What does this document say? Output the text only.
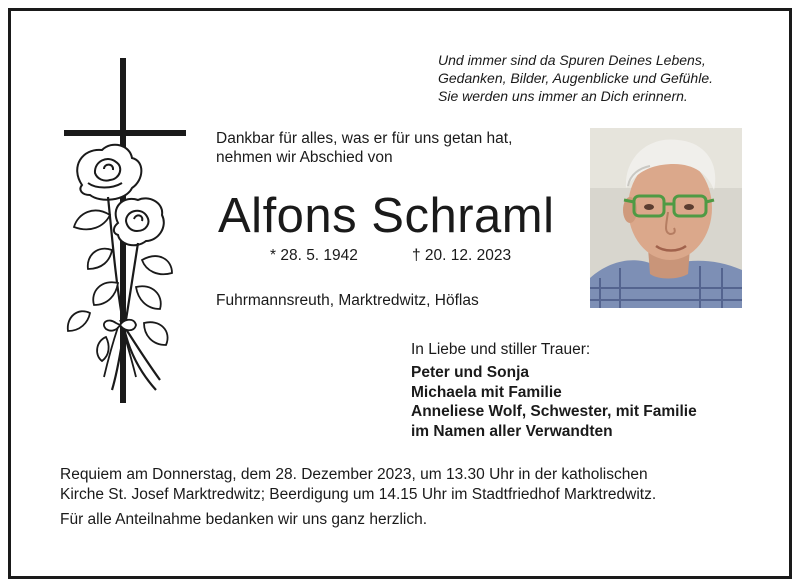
Und immer sind da Spuren Deines Lebens,
Gedanken, Bilder, Augenblicke und Gefühle.
Sie werden uns immer an Dich erinnern.
Dankbar für alles, was er für uns getan hat,
nehmen wir Abschied von
Alfons Schraml
* 28. 5. 1942	† 20. 12. 2023
Fuhrmannsreuth, Marktredwitz, Höflas
In Liebe und stiller Trauer:
Peter und Sonja
Michaela mit Familie
Anneliese Wolf, Schwester, mit Familie
im Namen aller Verwandten
Requiem am Donnerstag, dem 28. Dezember 2023, um 13.30 Uhr in der katholischen
Kirche St. Josef Marktredwitz; Beerdigung um 14.15 Uhr im Stadtfriedhof Marktredwitz.
Für alle Anteilnahme bedanken wir uns ganz herzlich.
